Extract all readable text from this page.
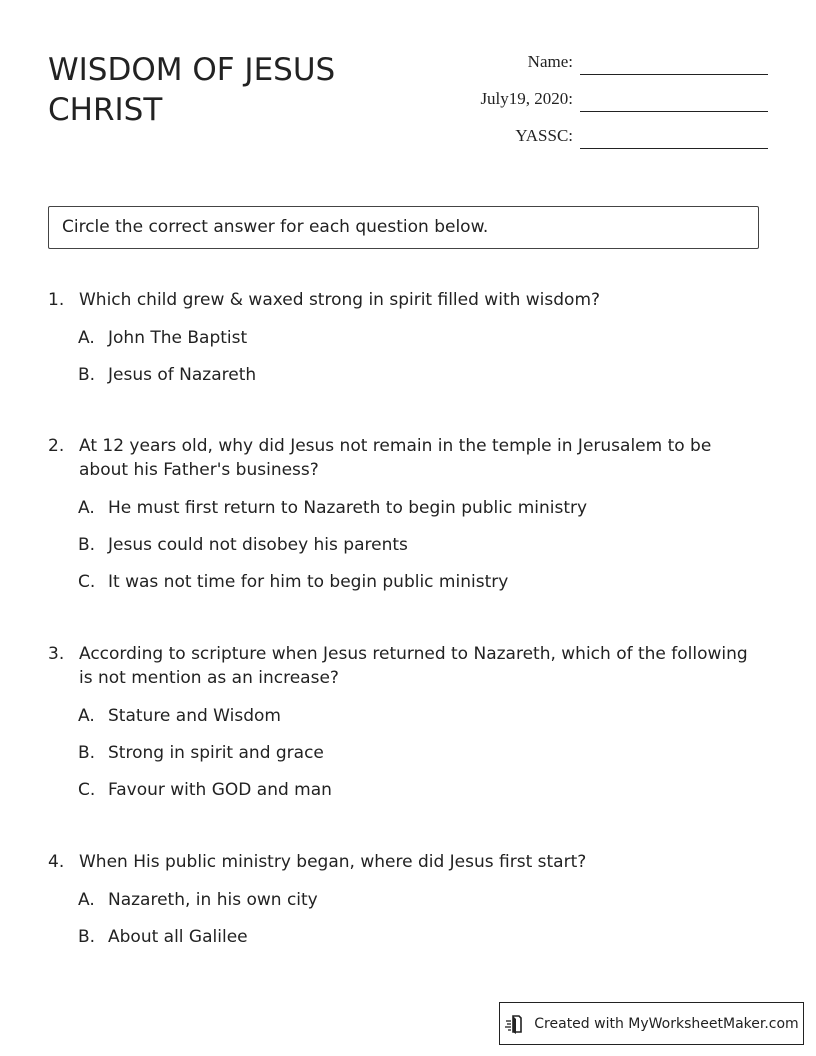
WISDOM OF JESUS CHRIST
Name:
July19, 2020:
YASSC:
Circle the correct answer for each question below.
1. Which child grew & waxed strong in spirit filled with wisdom?
A. John The Baptist
B. Jesus of Nazareth
2. At 12 years old, why did Jesus not remain in the temple in Jerusalem to be about his Father's business?
A. He must first return to Nazareth to begin public ministry
B. Jesus could not disobey his parents
C. It was not time for him to begin public ministry
3. According to scripture when Jesus returned to Nazareth, which of the following is not mention as an increase?
A. Stature and Wisdom
B. Strong in spirit and grace
C. Favour with GOD and man
4. When His public ministry began, where did Jesus first start?
A. Nazareth, in his own city
B. About all Galilee
Created with MyWorksheetMaker.com
